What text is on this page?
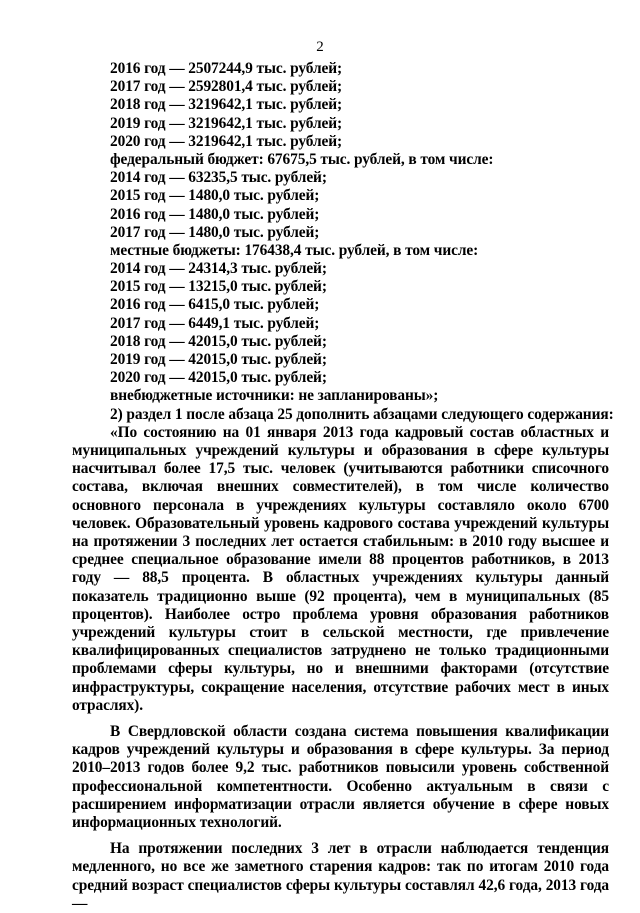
2
2016 год — 2507244,9 тыс. рублей;
2017 год — 2592801,4 тыс. рублей;
2018 год — 3219642,1 тыс. рублей;
2019 год — 3219642,1 тыс. рублей;
2020 год — 3219642,1 тыс. рублей;
федеральный бюджет: 67675,5 тыс. рублей, в том числе:
2014 год — 63235,5 тыс. рублей;
2015 год — 1480,0 тыс. рублей;
2016 год — 1480,0 тыс. рублей;
2017 год — 1480,0 тыс. рублей;
местные бюджеты: 176438,4 тыс. рублей, в том числе:
2014 год — 24314,3 тыс. рублей;
2015 год — 13215,0 тыс. рублей;
2016 год — 6415,0 тыс. рублей;
2017 год — 6449,1 тыс. рублей;
2018 год — 42015,0 тыс. рублей;
2019 год — 42015,0 тыс. рублей;
2020 год — 42015,0 тыс. рублей;
внебюджетные источники: не запланированы»;
2) раздел 1 после абзаца 25 дополнить абзацами следующего содержания:

«По состоянию на 01 января 2013 года кадровый состав областных и муниципальных учреждений культуры и образования в сфере культуры насчитывал более 17,5 тыс. человек (учитываются работники списочного состава, включая внешних совместителей), в том числе количество основного персонала в учреждениях культуры составляло около 6700 человек. Образовательный уровень кадрового состава учреждений культуры на протяжении 3 последних лет остается стабильным: в 2010 году высшее и среднее специальное образование имели 88 процентов работников, в 2013 году — 88,5 процента. В областных учреждениях культуры данный показатель традиционно выше (92 процента), чем в муниципальных (85 процентов). Наиболее остро проблема уровня образования работников учреждений культуры стоит в сельской местности, где привлечение квалифицированных специалистов затруднено не только традиционными проблемами сферы культуры, но и внешними факторами (отсутствие инфраструктуры, сокращение населения, отсутствие рабочих мест в иных отраслях).

В Свердловской области создана система повышения квалификации кадров учреждений культуры и образования в сфере культуры. За период 2010–2013 годов более 9,2 тыс. работников повысили уровень собственной профессиональной компетентности. Особенно актуальным в связи с расширением информатизации отрасли является обучение в сфере новых информационных технологий.

На протяжении последних 3 лет в отрасли наблюдается тенденция медленного, но все же заметного старения кадров: так по итогам 2010 года средний возраст специалистов сферы культуры составлял 42,6 года, 2013 года —
